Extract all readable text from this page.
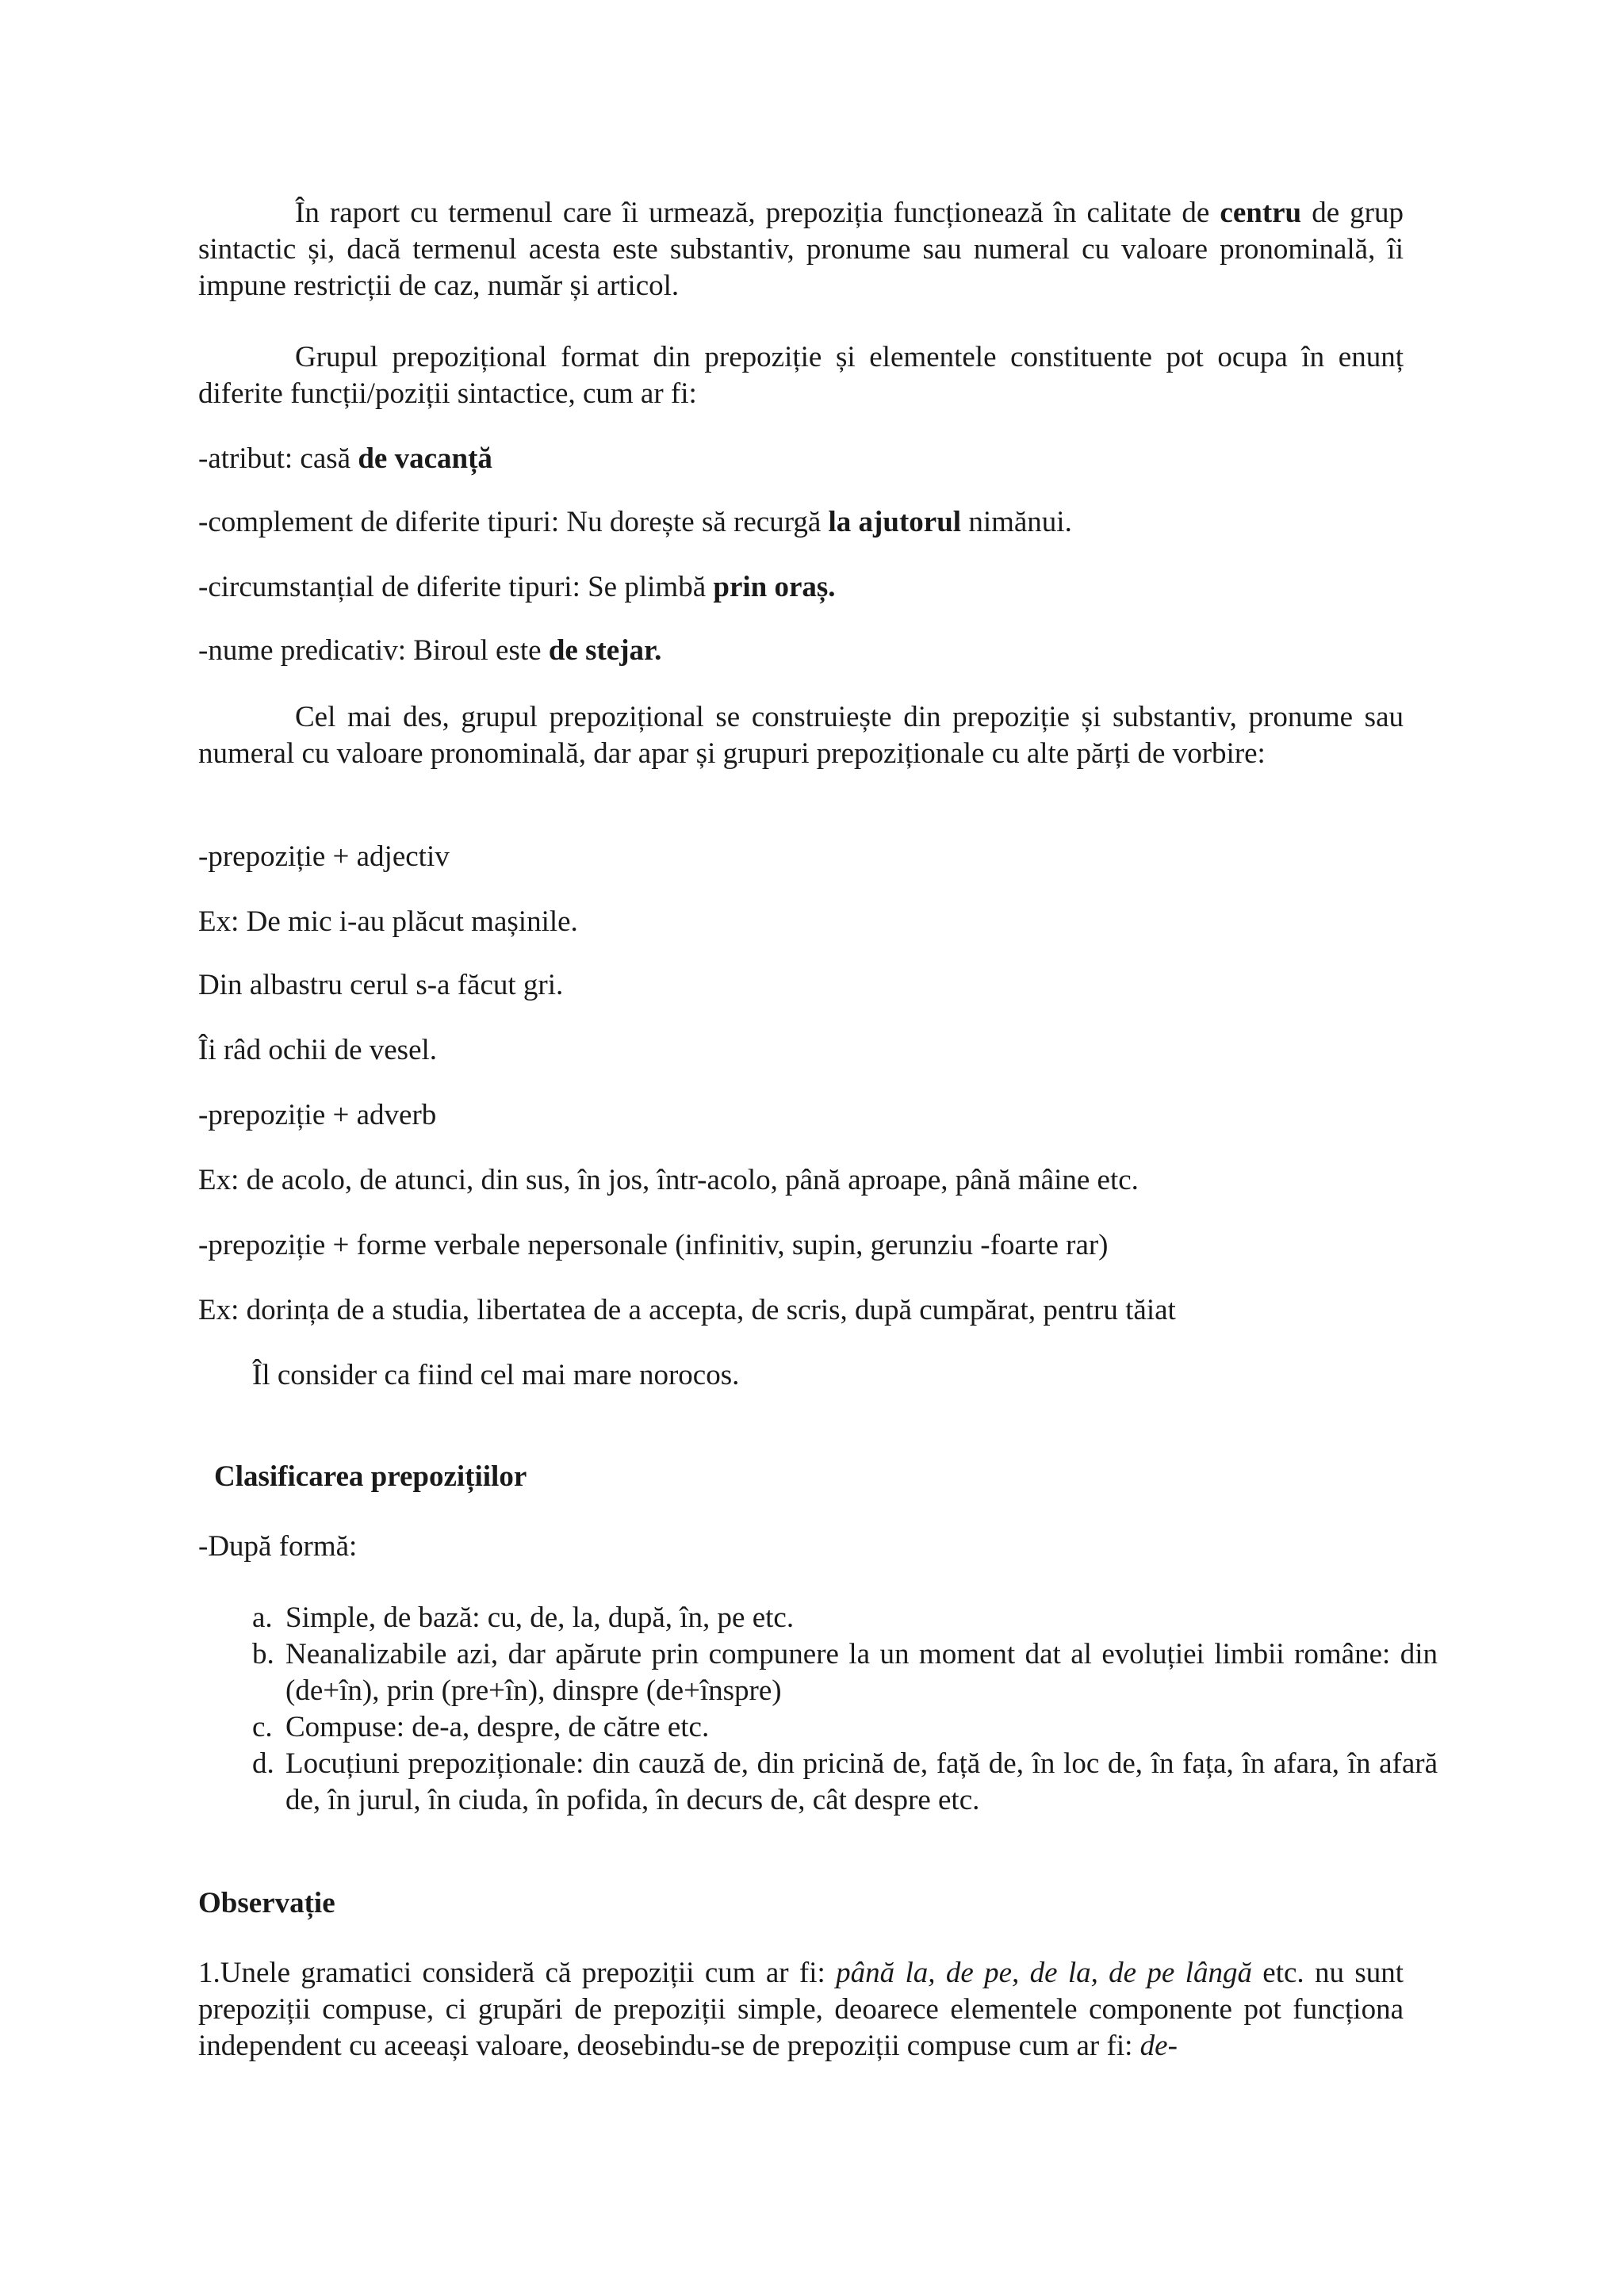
În raport cu termenul care îi urmează, prepoziția funcționează în calitate de centru de grup sintactic și, dacă termenul acesta este substantiv, pronume sau numeral cu valoare pronominală, îi impune restricții de caz, număr și articol.

Grupul prepozițional format din prepoziție și elementele constituente pot ocupa în enunț diferite funcții/poziții sintactice, cum ar fi:

-atribut: casă de vacanță

-complement de diferite tipuri: Nu dorește să recurgă la ajutorul nimănui.

-circumstanțial de diferite tipuri: Se plimbă prin oraș.

-nume predicativ: Biroul este de stejar.

Cel mai des, grupul prepozițional se construiește din prepoziție și substantiv, pronume sau numeral cu valoare pronominală, dar apar și grupuri prepoziționale cu alte părți de vorbire:

-prepoziție + adjectiv

Ex: De mic i-au plăcut mașinile.

Din albastru cerul s-a făcut gri.

Îi râd ochii de vesel.

-prepoziție + adverb

Ex: de acolo, de atunci, din sus, în jos, într-acolo, până aproape, până mâine etc.

-prepoziție + forme verbale nepersonale (infinitiv, supin, gerunziu -foarte rar)

Ex: dorința de a studia, libertatea de a accepta, de scris, după cumpărat, pentru tăiat

Îl consider ca fiind cel mai mare norocos.

Clasificarea prepozițiilor

-După formă:

a. Simple, de bază: cu, de, la, după, în, pe etc.
b. Neanalizabile azi, dar apărute prin compunere la un moment dat al evoluției limbii române: din (de+în), prin (pre+în), dinspre (de+înspre)
c. Compuse: de-a, despre, de către etc.
d. Locuțiuni prepoziționale: din cauză de, din pricină de, față de, în loc de, în fața, în afara, în afară de, în jurul, în ciuda, în pofida, în decurs de, cât despre etc.

Observație

1.Unele gramatici consideră că prepoziții cum ar fi: până la, de pe, de la, de pe lângă etc. nu sunt prepoziții compuse, ci grupări de prepoziții simple, deoarece elementele componente pot funcționa independent cu aceeași valoare, deosebindu-se de prepoziții compuse cum ar fi: de-
